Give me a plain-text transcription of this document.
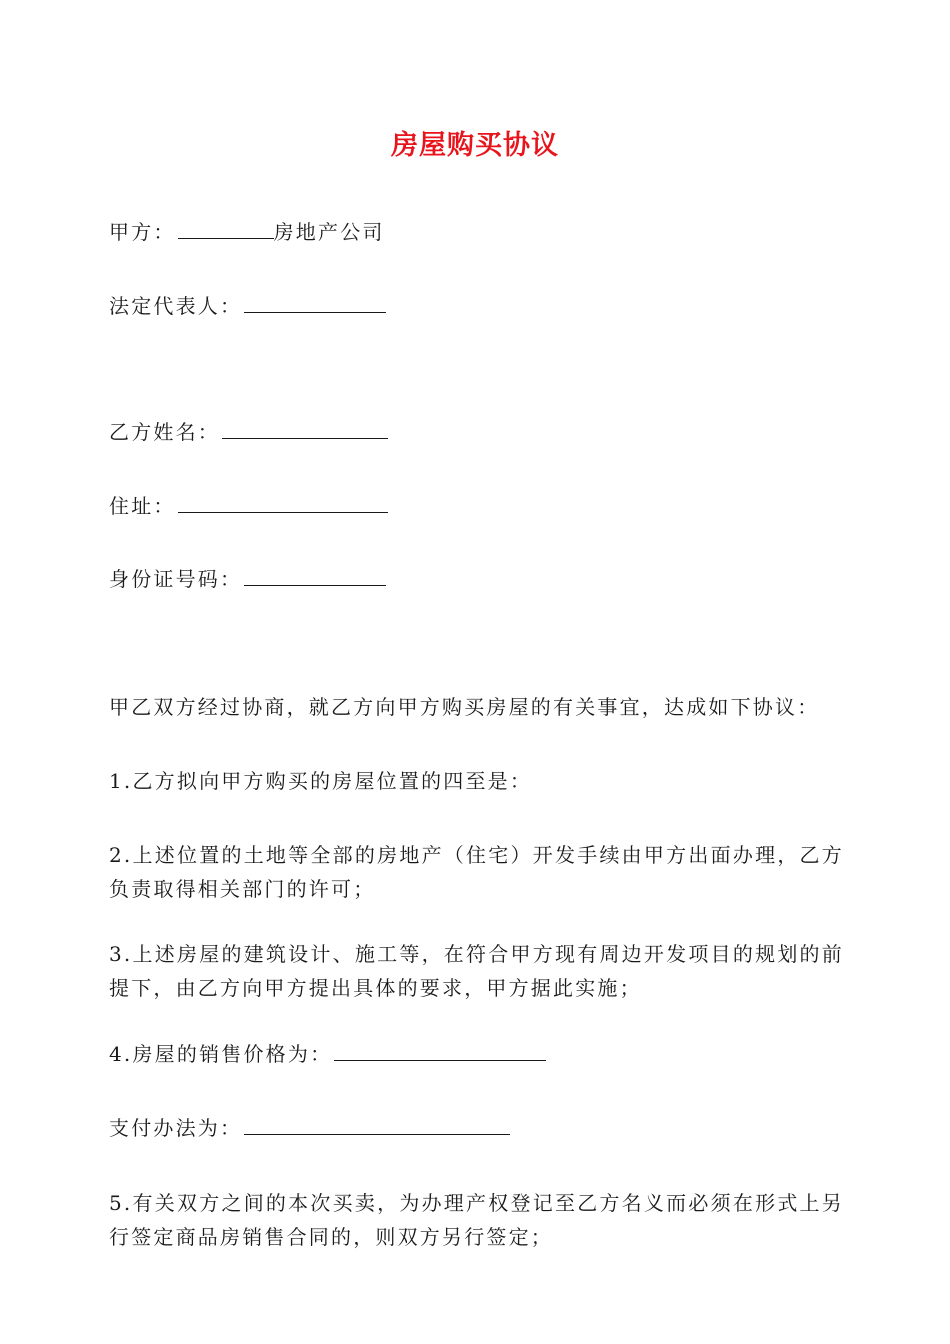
房屋购买协议
甲方：	房地产公司
法定代表人：
乙方姓名：
住址：
身份证号码：
甲乙双方经过协商，就乙方向甲方购买房屋的有关事宜，达成如下协议：
1.乙方拟向甲方购买的房屋位置的四至是：
2.上述位置的土地等全部的房地产（住宅）开发手续由甲方出面办理，乙方负责取得相关部门的许可；
3.上述房屋的建筑设计、施工等，在符合甲方现有周边开发项目的规划的前提下，由乙方向甲方提出具体的要求，甲方据此实施；
4.房屋的销售价格为：
支付办法为：
5.有关双方之间的本次买卖，为办理产权登记至乙方名义而必须在形式上另行签定商品房销售合同的，则双方另行签定；
